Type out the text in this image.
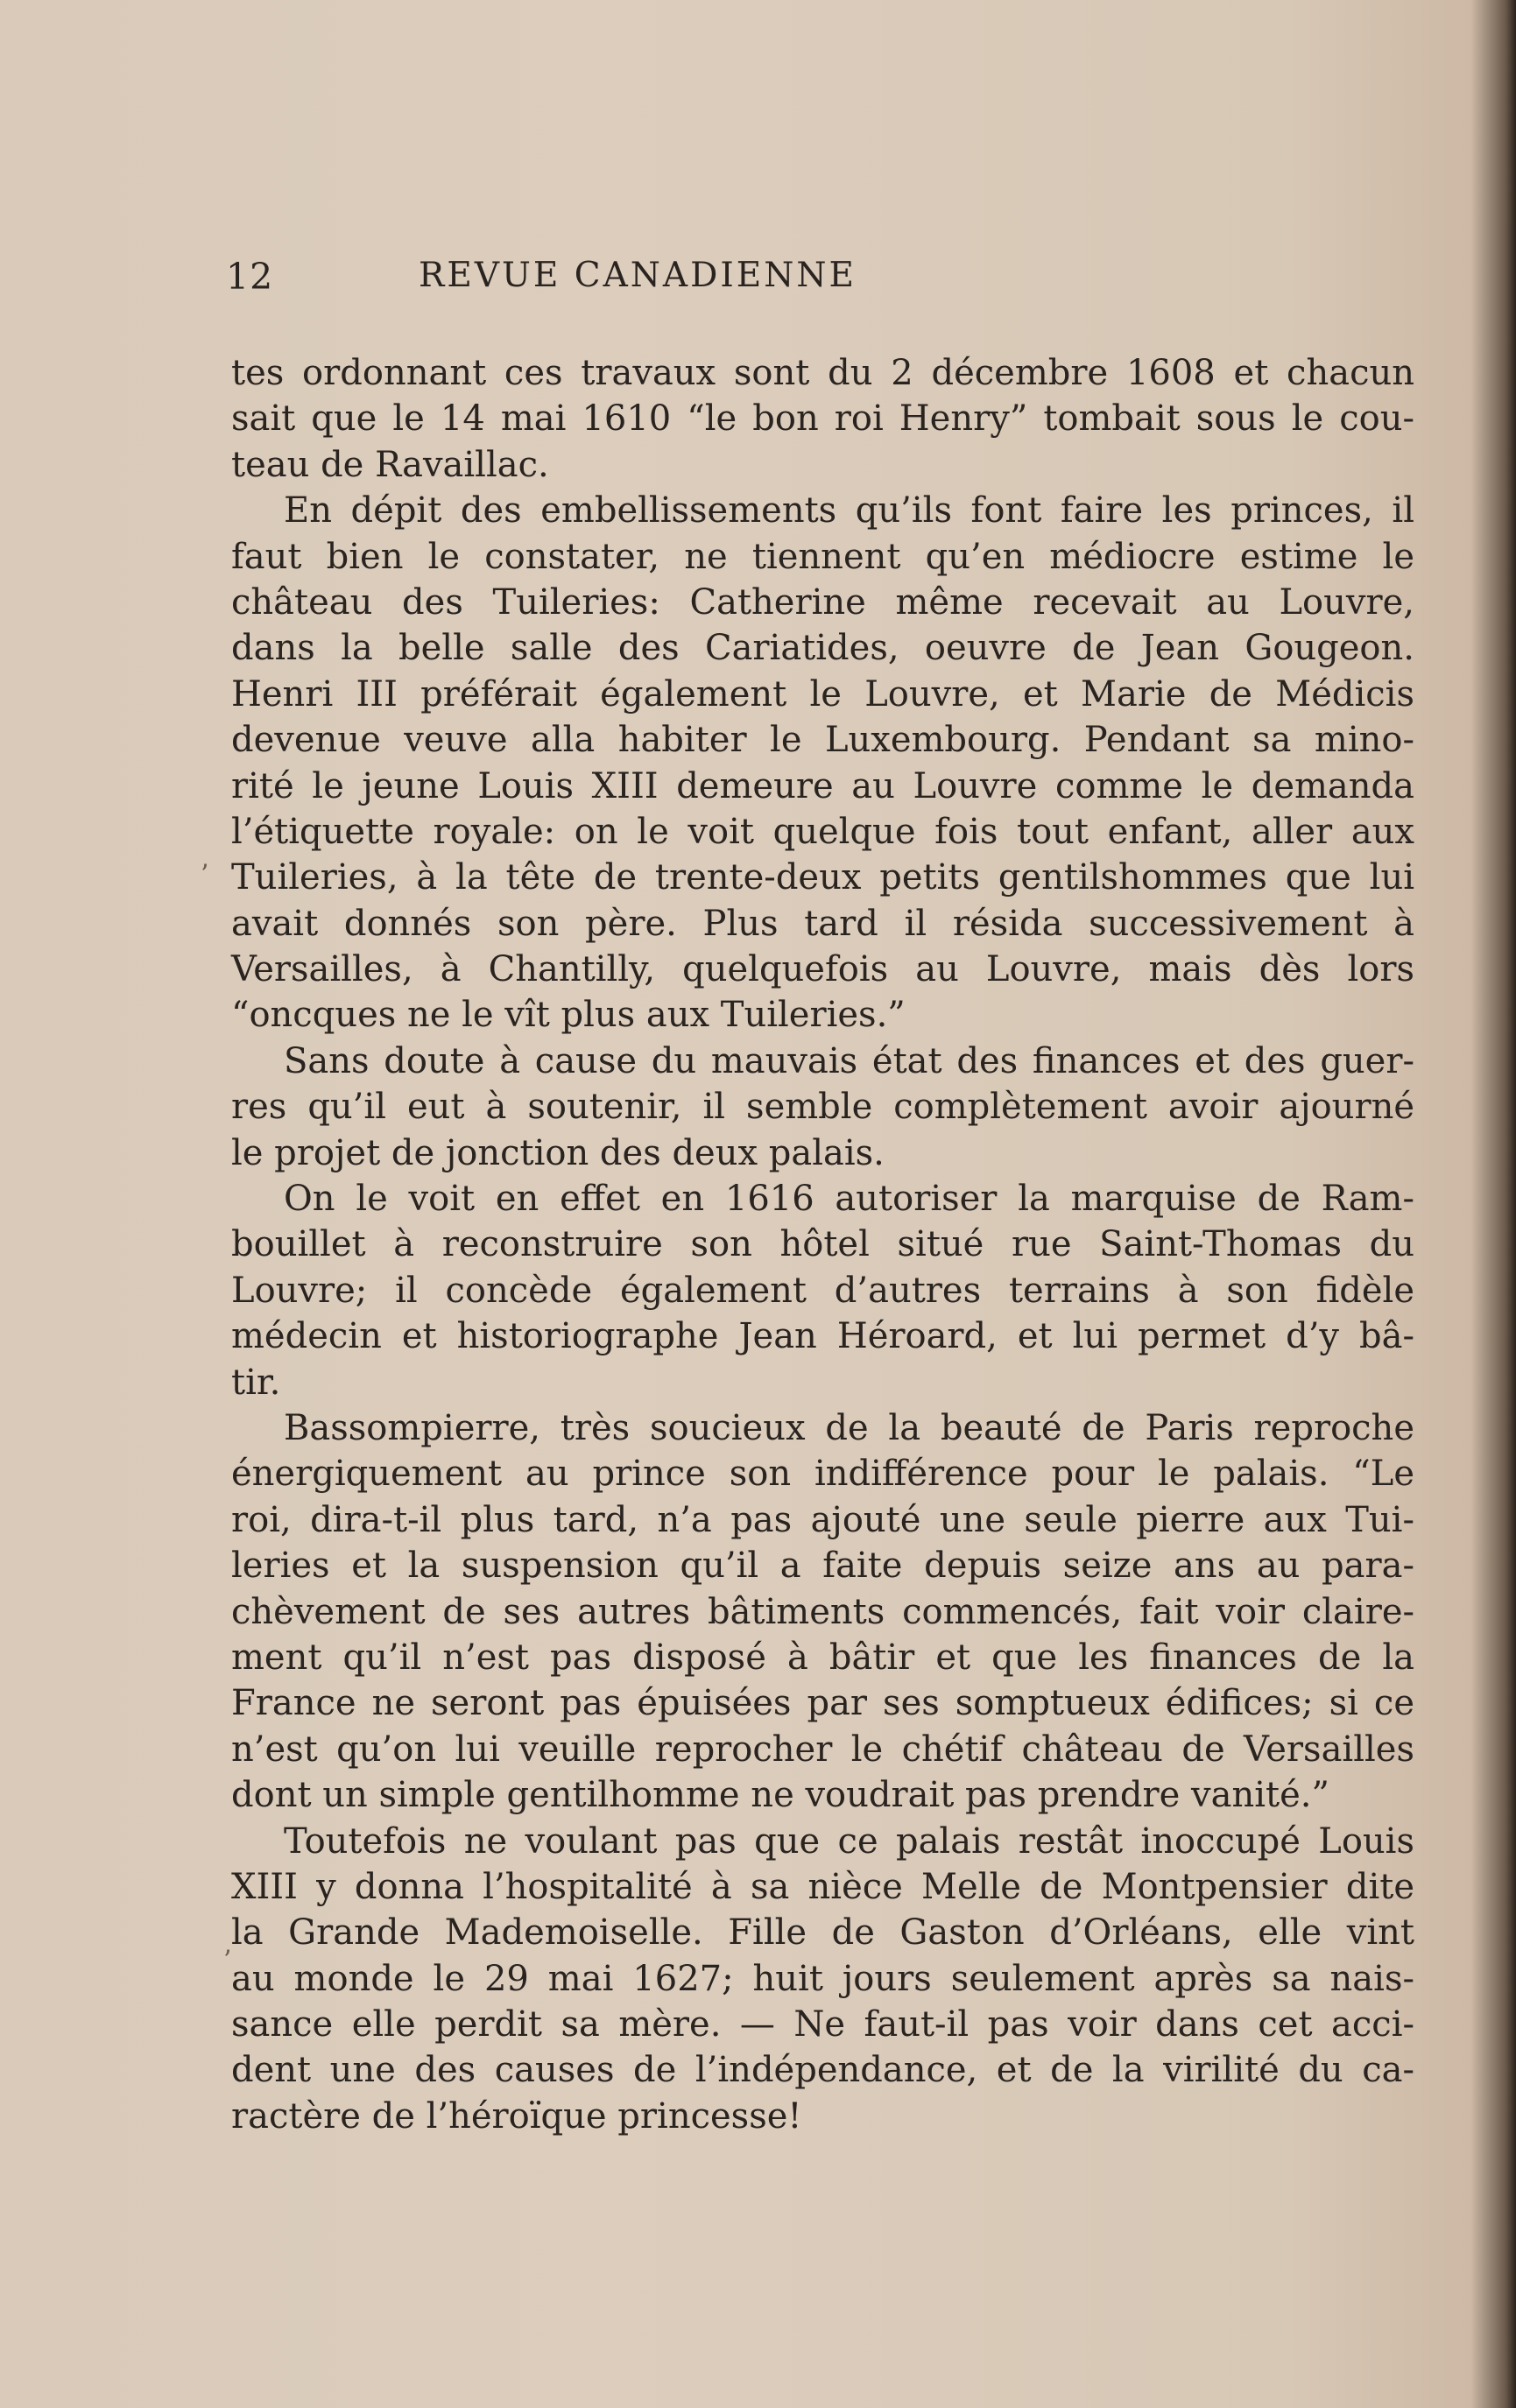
12	REVUE CANADIENNE
ʼ
ʼ
tes ordonnant ces travaux sont du 2 décembre 1608 et chacun
sait que le 14 mai 1610 “le bon roi Henry” tombait sous le cou-
teau de Ravaillac.
En dépit des embellissements qu’ils font faire les princes, il
faut bien le constater, ne tiennent qu’en médiocre estime le
château des Tuileries: Catherine même recevait au Louvre,
dans la belle salle des Cariatides, oeuvre de Jean Gougeon.
Henri III préférait également le Louvre, et Marie de Médicis
devenue veuve alla habiter le Luxembourg. Pendant sa mino-
rité le jeune Louis XIII demeure au Louvre comme le demanda
l’étiquette royale: on le voit quelque fois tout enfant, aller aux
Tuileries, à la tête de trente-deux petits gentilshommes que lui
avait donnés son père. Plus tard il résida successivement à
Versailles, à Chantilly, quelquefois au Louvre, mais dès lors
“oncques ne le vît plus aux Tuileries.”
Sans doute à cause du mauvais état des finances et des guer-
res qu’il eut à soutenir, il semble complètement avoir ajourné
le projet de jonction des deux palais.
On le voit en effet en 1616 autoriser la marquise de Ram-
bouillet à reconstruire son hôtel situé rue Saint-Thomas du
Louvre; il concède également d’autres terrains à son fidèle
médecin et historiographe Jean Héroard, et lui permet d’y bâ-
tir.
Bassompierre, très soucieux de la beauté de Paris reproche
énergiquement au prince son indifférence pour le palais. “Le
roi, dira-t-il plus tard, n’a pas ajouté une seule pierre aux Tui-
leries et la suspension qu’il a faite depuis seize ans au para-
chèvement de ses autres bâtiments commencés, fait voir claire-
ment qu’il n’est pas disposé à bâtir et que les finances de la
France ne seront pas épuisées par ses somptueux édifices; si ce
n’est qu’on lui veuille reprocher le chétif château de Versailles
dont un simple gentilhomme ne voudrait pas prendre vanité.”
Toutefois ne voulant pas que ce palais restât inoccupé Louis
XIII y donna l’hospitalité à sa nièce Melle de Montpensier dite
la Grande Mademoiselle. Fille de Gaston d’Orléans, elle vint
au monde le 29 mai 1627; huit jours seulement après sa nais-
sance elle perdit sa mère. — Ne faut-il pas voir dans cet acci-
dent une des causes de l’indépendance, et de la virilité du ca-
ractère de l’héroïque princesse!
